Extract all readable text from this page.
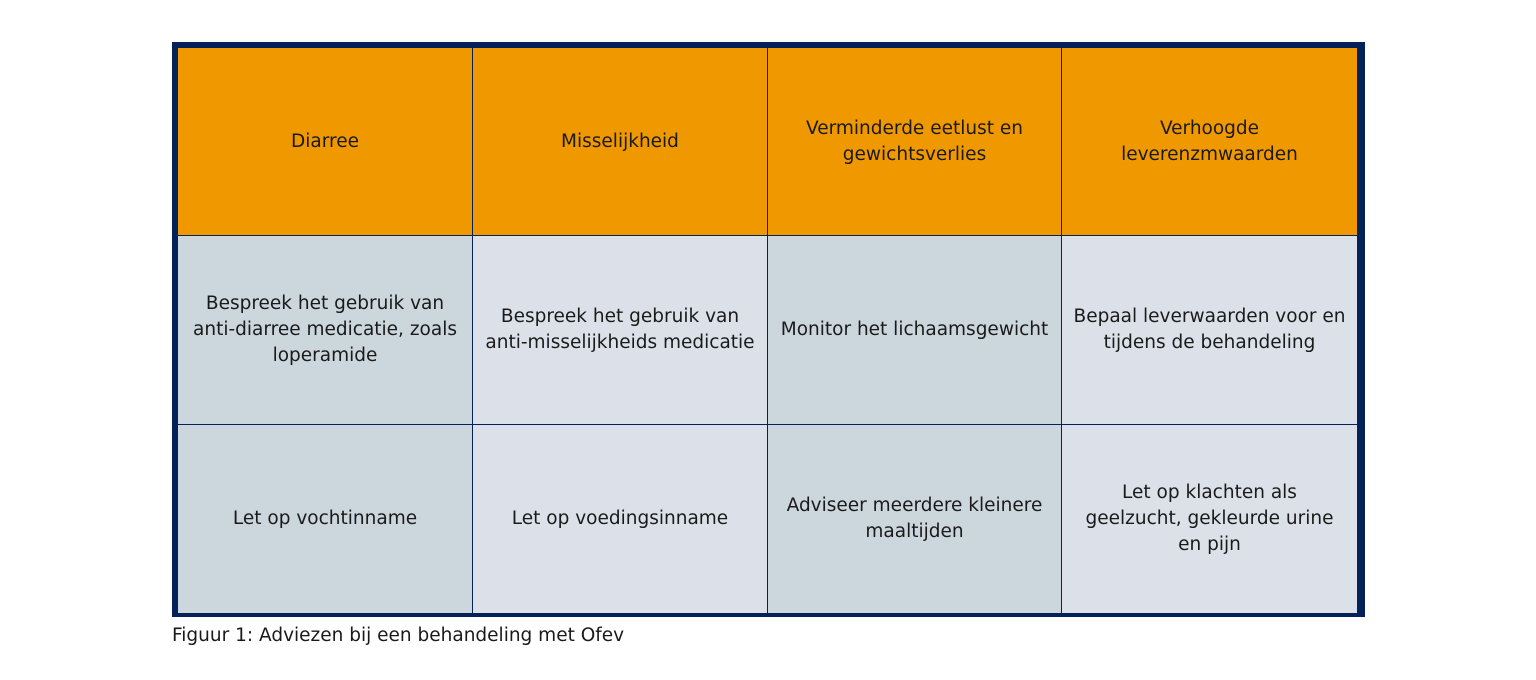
Diarree	Misselijkheid
Verminderde eetlust en gewichtsverlies
Verhoogde leverenzmwaarden
Bespreek het gebruik van anti-diarree medicatie, zoals loperamide
Bespreek het gebruik van anti-misselijkheids medicatie
Monitor het lichaamsgewicht
Bepaal leverwaarden voor en tijdens de behandeling
Let op vochtinname	Let op voedingsinname
Adviseer meerdere kleinere maaltijden
Let op klachten als geelzucht, gekleurde urine en pijn
Figuur 1: Adviezen bij een behandeling met Ofev
